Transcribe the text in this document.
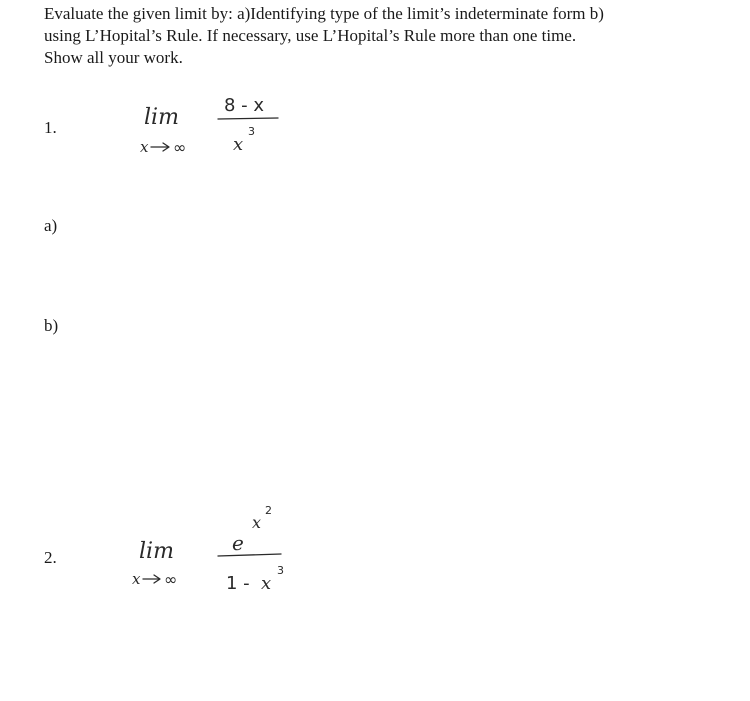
Evaluate the given limit by: a)Identifying type of the limit’s indeterminate form b)
using L’Hopital’s Rule. If necessary, use L’Hopital’s Rule more than one time.
Show all your work.
1.	lim
x ∞
8 - x
x
3
a)
b)
2.	lim
x ∞
x
2
e
1 - x
3
